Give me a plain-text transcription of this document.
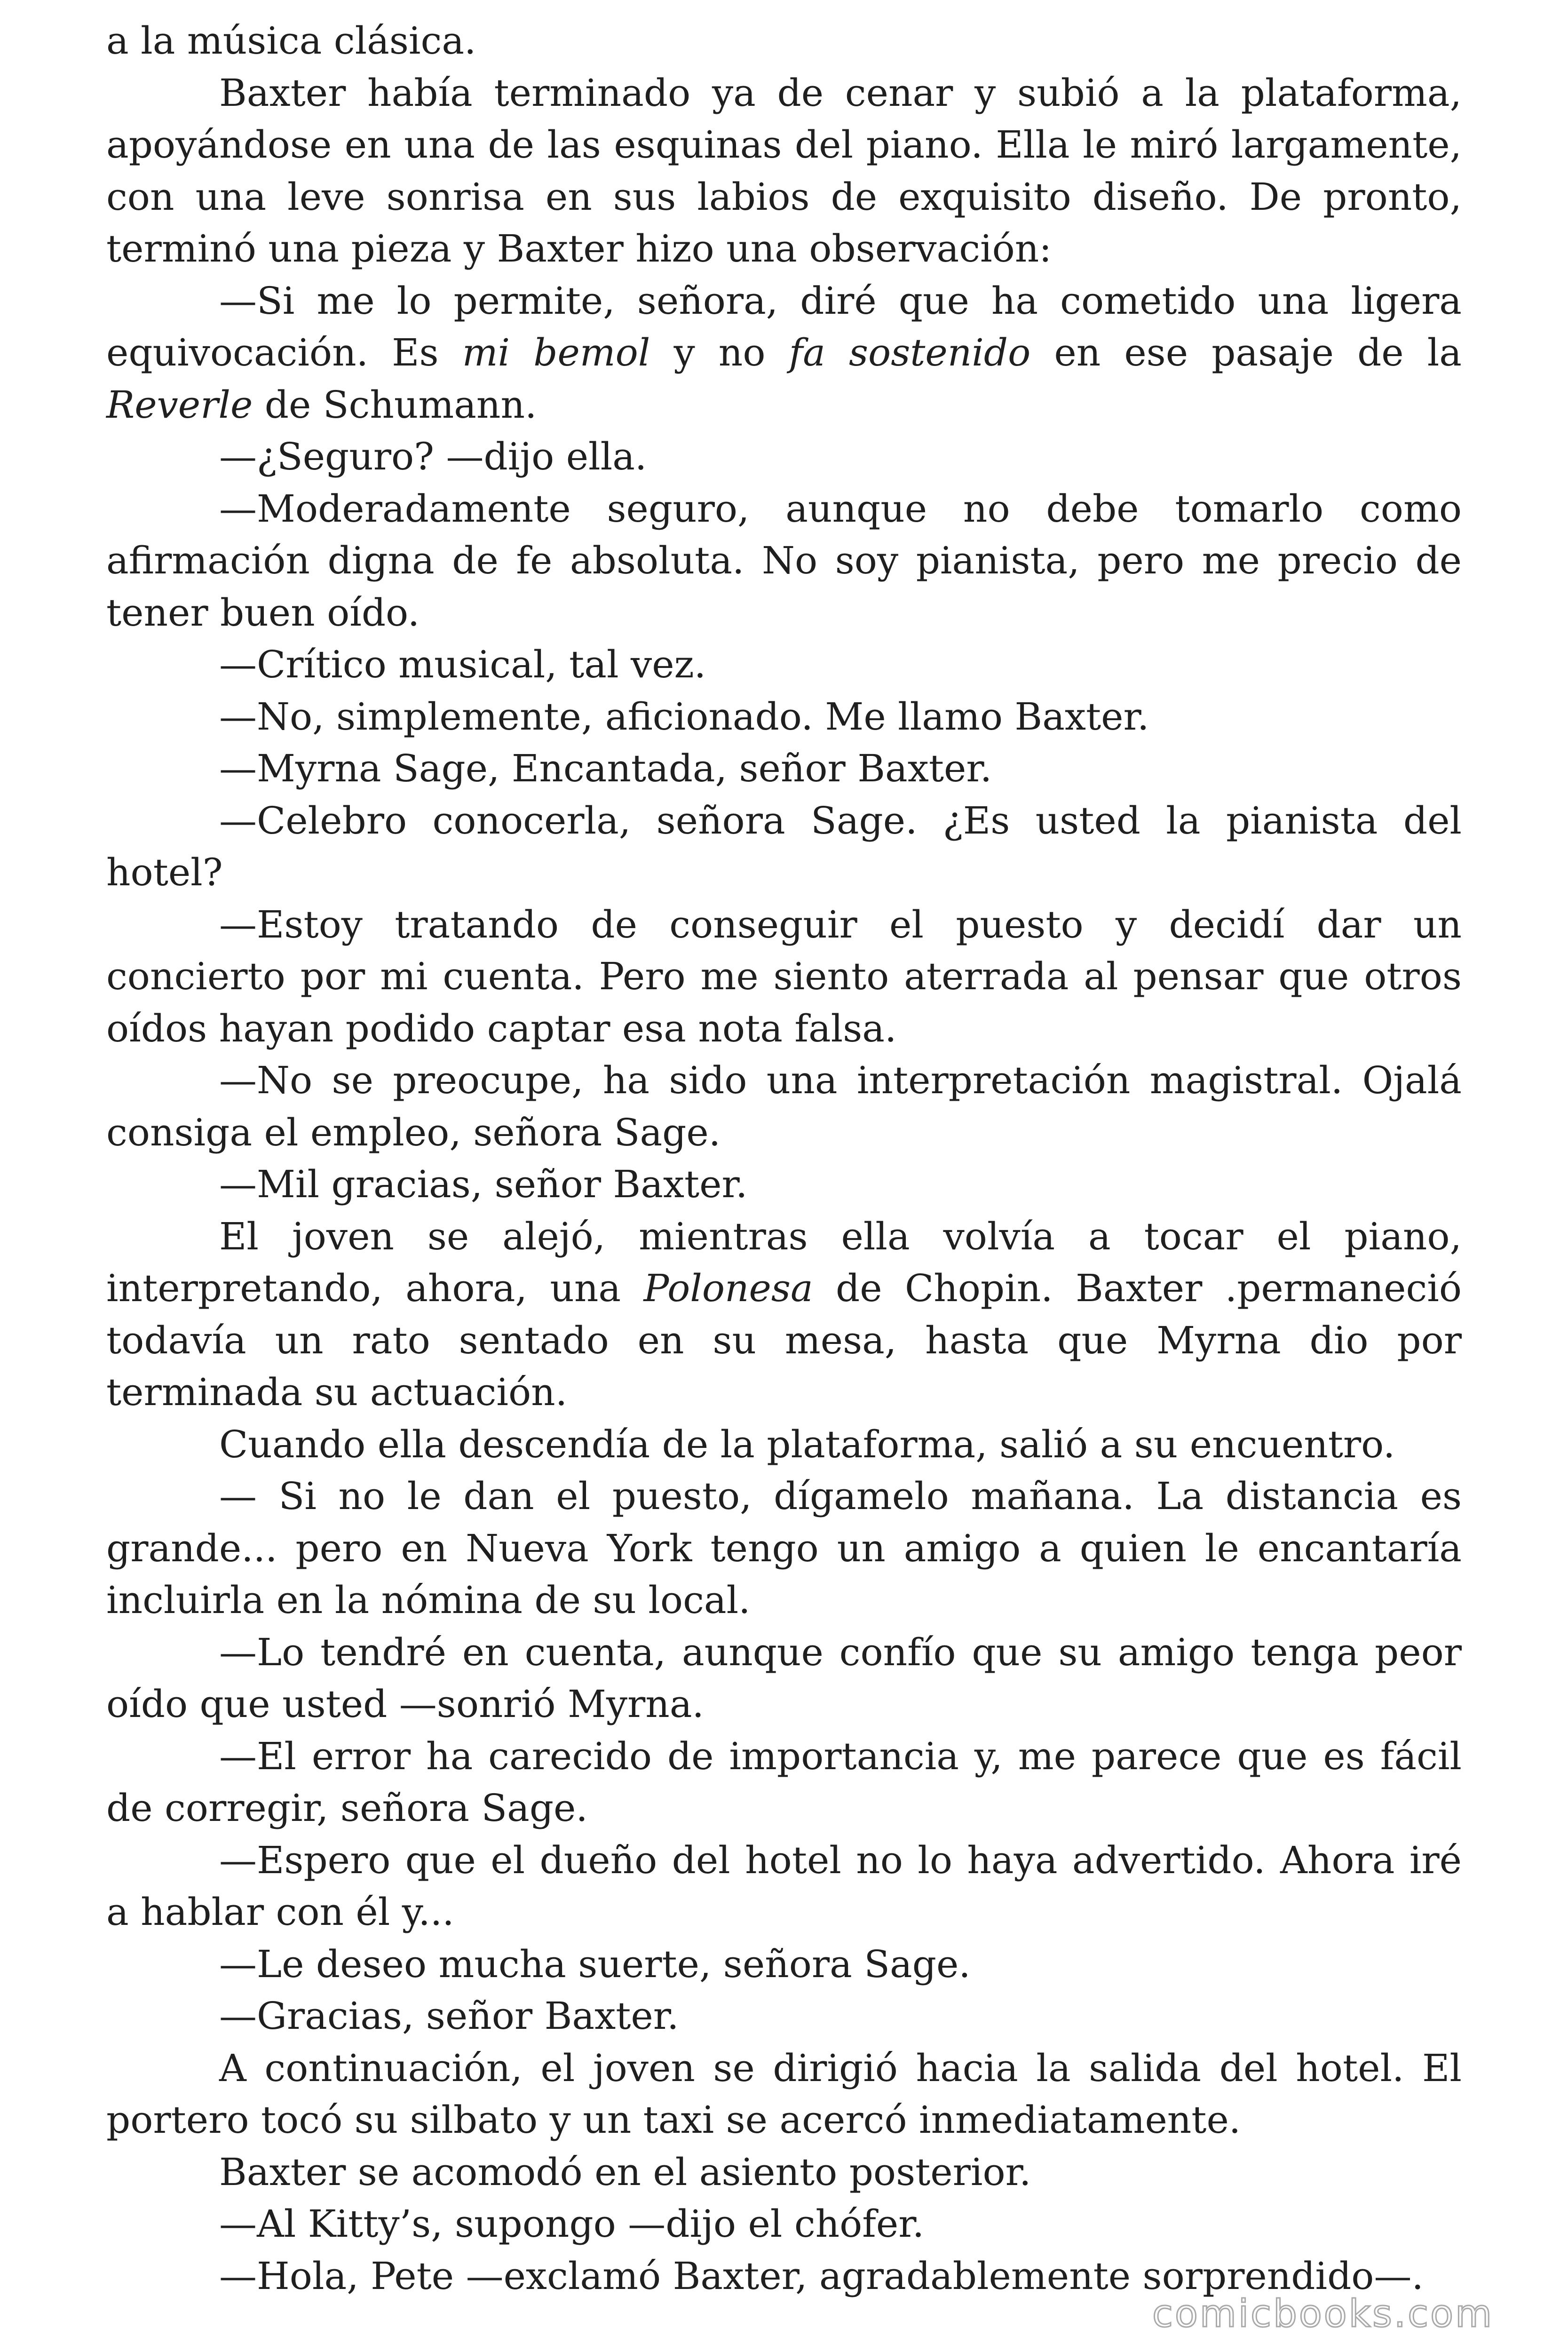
a la música clásica.

Baxter había terminado ya de cenar y subió a la plataforma, apoyándose en una de las esquinas del piano. Ella le miró largamente, con una leve sonrisa en sus labios de exquisito diseño. De pronto, terminó una pieza y Baxter hizo una observación:

—Si me lo permite, señora, diré que ha cometido una ligera equivocación. Es mi bemol y no fa sostenido en ese pasaje de la Reverle de Schumann.

—¿Seguro? —dijo ella.

—Moderadamente seguro, aunque no debe tomarlo como afirmación digna de fe absoluta. No soy pianista, pero me precio de tener buen oído.

—Crítico musical, tal vez.

—No, simplemente, aficionado. Me llamo Baxter.

—Myrna Sage, Encantada, señor Baxter.

—Celebro conocerla, señora Sage. ¿Es usted la pianista del hotel?

—Estoy tratando de conseguir el puesto y decidí dar un concierto por mi cuenta. Pero me siento aterrada al pensar que otros oídos hayan podido captar esa nota falsa.

—No se preocupe, ha sido una interpretación magistral. Ojalá consiga el empleo, señora Sage.

—Mil gracias, señor Baxter.

El joven se alejó, mientras ella volvía a tocar el piano, interpretando, ahora, una Polonesa de Chopin. Baxter .permaneció todavía un rato sentado en su mesa, hasta que Myrna dio por terminada su actuación.

Cuando ella descendía de la plataforma, salió a su encuentro.

— Si no le dan el puesto, dígamelo mañana. La distancia es grande... pero en Nueva York tengo un amigo a quien le encantaría incluirla en la nómina de su local.

—Lo tendré en cuenta, aunque confío que su amigo tenga peor oído que usted —sonrió Myrna.

—El error ha carecido de importancia y, me parece que es fácil de corregir, señora Sage.

—Espero que el dueño del hotel no lo haya advertido. Ahora iré a hablar con él y...

—Le deseo mucha suerte, señora Sage.

—Gracias, señor Baxter.

A continuación, el joven se dirigió hacia la salida del hotel. El portero tocó su silbato y un taxi se acercó inmediatamente.

Baxter se acomodó en el asiento posterior.

—Al Kitty’s, supongo —dijo el chófer.

—Hola, Pete —exclamó Baxter, agradablemente sorprendido—.

comicbooks.com
